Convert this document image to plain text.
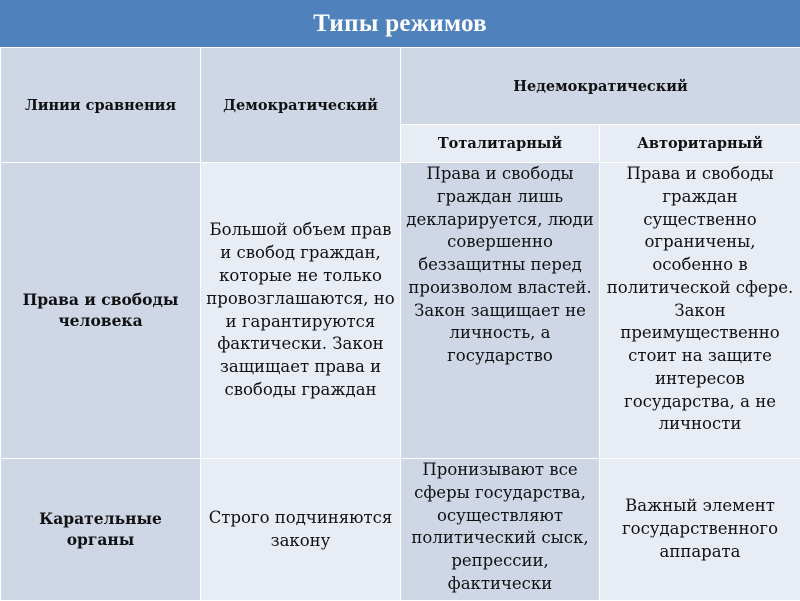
Типы режимов
Линии сравнения	Демократический	Недемократический	
		Тоталитарный	Авторитарный
Права и свободы человека	Большой объем прав и свобод граждан, которые не только провозглашаются, но и гарантируются фактически. Закон защищает права и свободы граждан	Права и свободы граждан лишь декларируется, люди совершенно беззащитны перед произволом властей. Закон защищает не личность, а государство	Права и свободы граждан существенно ограничены, особенно в политической сфере. Закон преимущественно стоит на защите интересов государства, а не личности
Карательные органы	Строго подчиняются закону	Пронизывают все сферы государства, осуществляют политический сыск, репрессии, фактически	Важный элемент государственного аппарата
